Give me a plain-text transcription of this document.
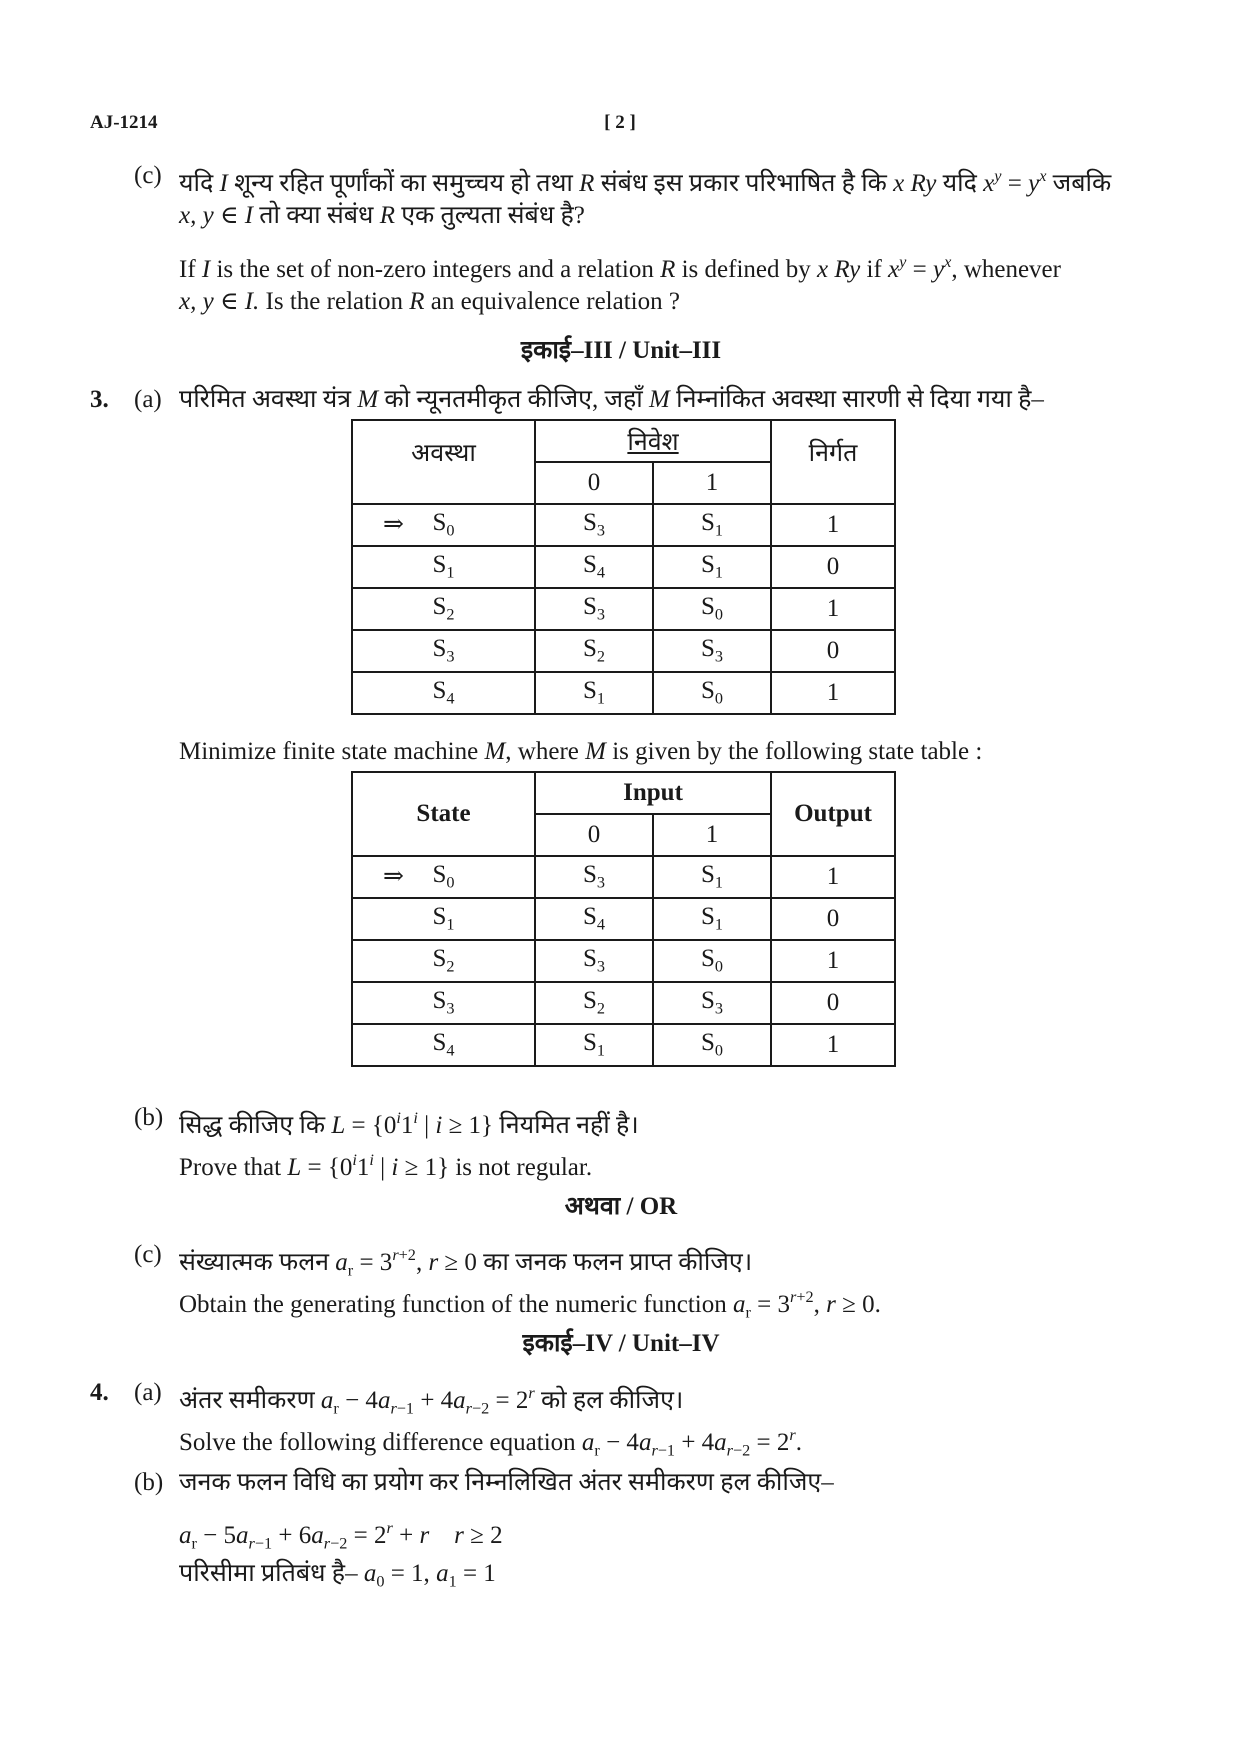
AJ-1214	[ 2 ]
(c) यदि I शून्य रहित पूर्णांकों का समुच्चय हो तथा R संबंध इस प्रकार परिभाषित है कि x Ry यदि $x^y = y^x$ जबकि
x, y ∈ I तो क्या संबंध R एक तुल्यता संबंध है?
If I is the set of non-zero integers and a relation R is defined by x Ry if $x^y = y^x$, whenever
x, y ∈ I. Is the relation R an equivalence relation ?
इकाई–III / Unit–III
3. (a) परिमित अवस्था यंत्र M को न्यूनतमीकृत कीजिए, जहाँ M निम्नांकित अवस्था सारणी से दिया गया है–
अवस्था	निवेश		निर्गत
	0	1	

⇒ $S_0$	$S_3$	$S_1$	1
$S_1$	$S_4$	$S_1$	0
$S_2$	$S_3$	$S_0$	1
$S_3$	$S_2$	$S_3$	0
$S_4$	$S_1$	$S_0$	1
Minimize finite state machine M, where M is given by the following state table :
State	Input		Output
	0	1	

⇒ $S_0$	$S_3$	$S_1$	1
$S_1$	$S_4$	$S_1$	0
$S_2$	$S_3$	$S_0$	1
$S_3$	$S_2$	$S_3$	0
$S_4$	$S_1$	$S_0$	1
(b) सिद्ध कीजिए कि $L = \{0^i1^i$ | i ≥ 1} नियमित नहीं है।
Prove that $L = \{0^i1^i$ | i ≥ 1} is not regular.
अथवा / OR
(c) संख्यात्मक फलन $a_r = 3^{r+2}$, r ≥ 0 का जनक फलन प्राप्त कीजिए।
Obtain the generating function of the numeric function $a_r = 3^{r+2}$, r ≥ 0.
इकाई–IV / Unit–IV
4. (a) अंतर समीकरण $a_r - 4a_{r-1} + 4a_{r-2} = 2^r$ को हल कीजिए।
Solve the following difference equation $a_r - 4a_{r-1} + 4a_{r-2} = 2^r$.
(b) जनक फलन विधि का प्रयोग कर निम्नलिखित अंतर समीकरण हल कीजिए–
$a_r - 5a_{r-1} + 6a_{r-2} = 2^r + r$ r ≥ 2
परिसीमा प्रतिबंध है– $a_0 = 1$, $a_1 = 1$
